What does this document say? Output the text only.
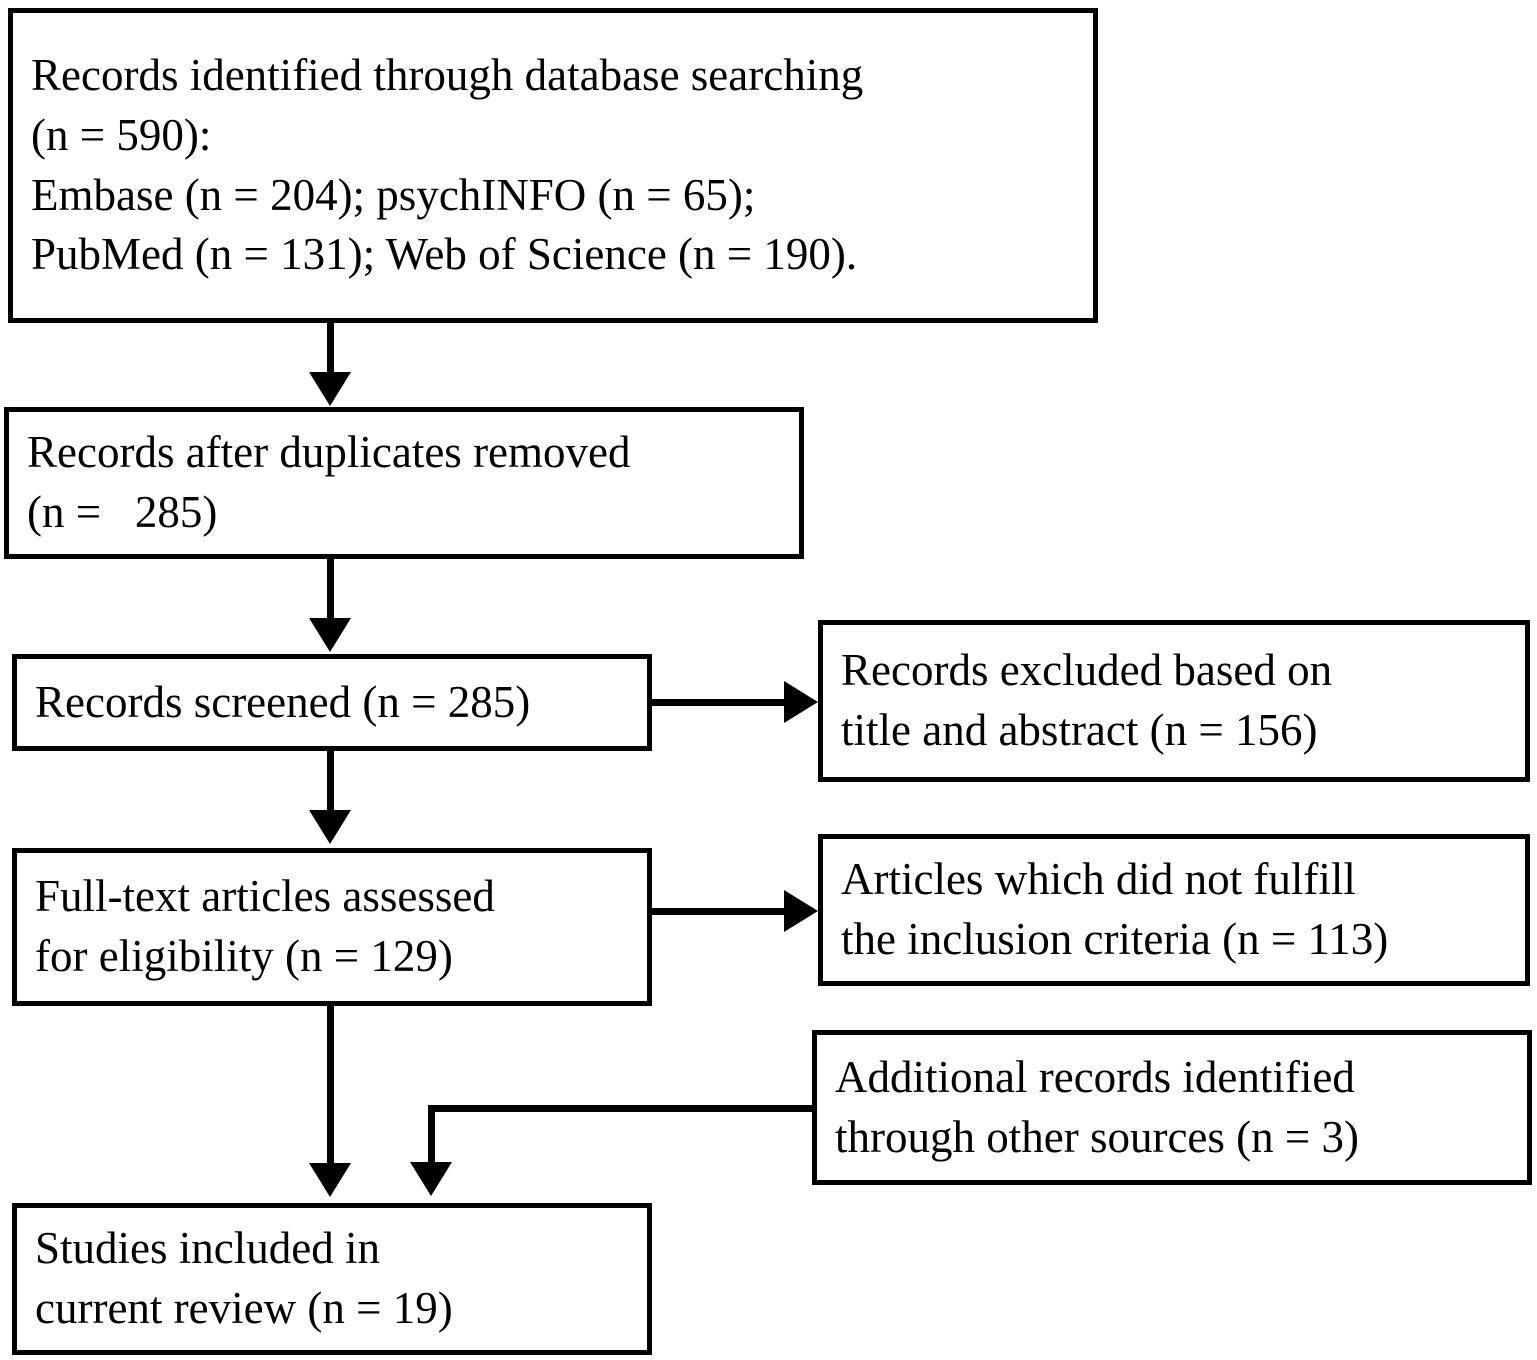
Records identified through database searching
(n = 590):
Embase (n = 204); psychINFO (n = 65);
PubMed (n = 131); Web of Science (n = 190).
Records after duplicates removed
(n =   285)
Records screened (n = 285)
Records excluded based on
title and abstract (n = 156)
Full-text articles assessed
for eligibility (n = 129)
Articles which did not fulfill
the inclusion criteria (n = 113)
Additional records identified
through other sources (n = 3)
Studies included in
current review (n = 19)
